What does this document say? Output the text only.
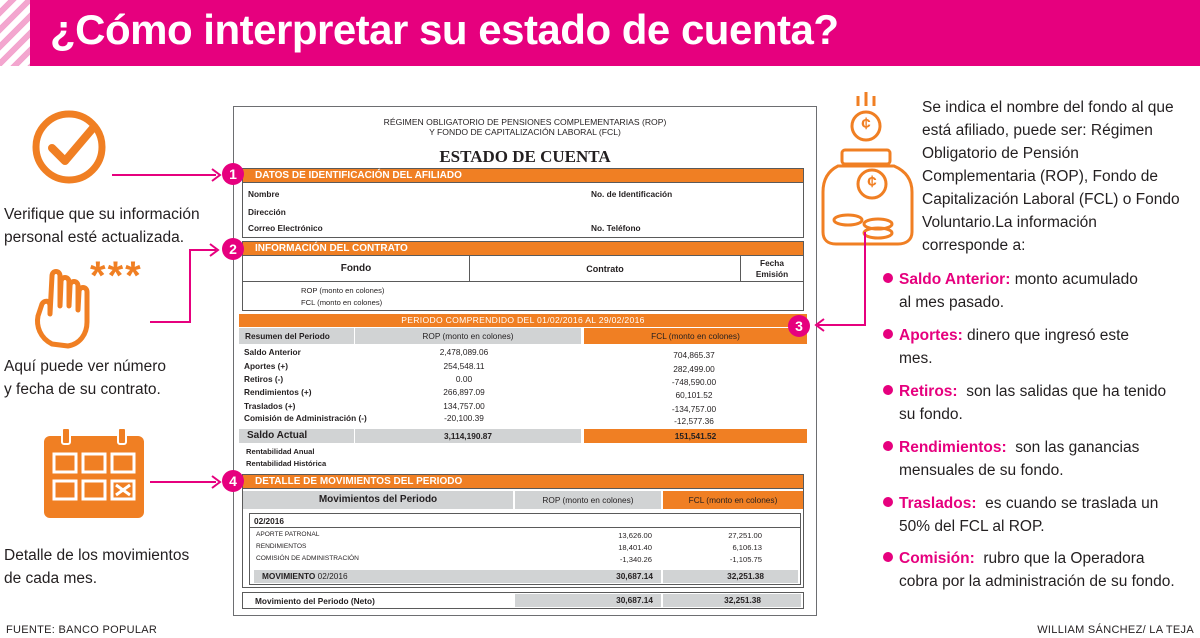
¿Cómo interpretar su estado de cuenta?
Verifique que su información
personal esté actualizada.
***
Aquí puede ver número
y fecha de su contrato.
Detalle de los movimientos
de cada mes.
RÉGIMEN OBLIGATORIO DE PENSIONES COMPLEMENTARIAS (ROP)
Y FONDO DE CAPITALIZACIÓN LABORAL (FCL)
ESTADO DE CUENTA
DATOS DE IDENTIFICACIÓN DEL AFILIADO
Nombre	No. de Identificación
Dirección
Correo Electrónico	No. Teléfono
INFORMACIÓN DEL CONTRATO
Fondo	Contrato
Fecha
Emisión
ROP (monto en colones)
FCL (monto en colones)
PERIODO COMPRENDIDO DEL 01/02/2016 AL 29/02/2016
Resumen del Periodo	ROP (monto en colones)	FCL (monto en colones)
Saldo Anterior	2,478,089.06	704,865.37
Aportes (+)	254,548.11	282,499.00
Retiros (-)	0.00	-748,590.00
Rendimientos (+)	266,897.09	60,101.52
Traslados (+)	134,757.00	-134,757.00
Comisión de Administración (-)	-20,100.39	-12,577.36
Saldo Actual	3,114,190.87	151,541.52
Rentabilidad Anual
Rentabilidad Histórica
DETALLE DE MOVIMIENTOS DEL PERIODO
Movimientos del Periodo	ROP (monto en colones)	FCL (monto en colones)
02/2016
APORTE PATRONAL	13,626.00	27,251.00
RENDIMIENTOS	18,401.40	6,106.13
COMISIÓN DE ADMINISTRACIÓN	-1,340.26	-1,105.75
MOVIMIENTO 02/2016	30,687.14	32,251.38
Movimiento del Periodo (Neto)	30,687.14	32,251.38
1
2
3
4
¢
¢
Se indica el nombre del fondo al que
está afiliado, puede ser: Régimen
Obligatorio de Pensión
Complementaria (ROP), Fondo de
Capitalización Laboral (FCL) o Fondo
Voluntario.La información
corresponde a:
Saldo Anterior: monto acumulado
al mes pasado.
Aportes: dinero que ingresó este
mes.
Retiros:  son las salidas que ha tenido
su fondo.
Rendimientos:  son las ganancias
mensuales de su fondo.
Traslados:  es cuando se traslada un
50% del FCL al ROP.
Comisión:  rubro que la Operadora
cobra por la administración de su fondo.
FUENTE: BANCO POPULAR	WILLIAM SÁNCHEZ/ LA TEJA
